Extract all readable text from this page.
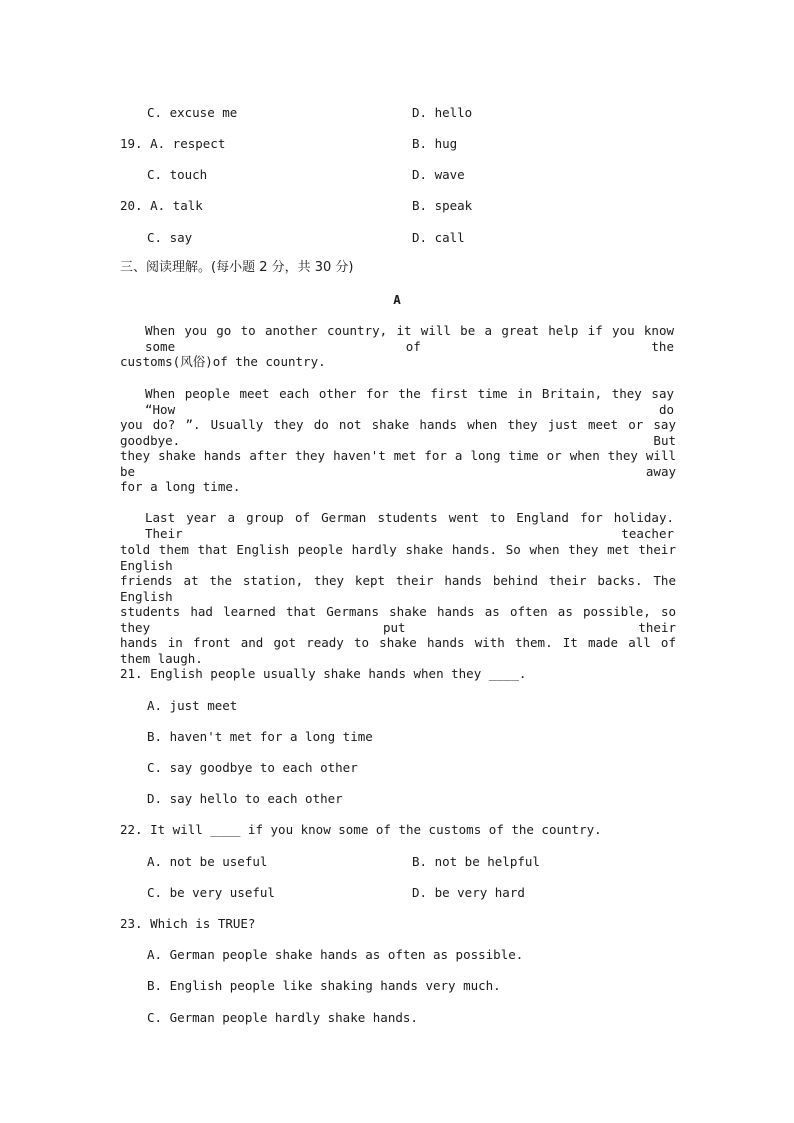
C. excuse me	D. hello
19. A. respect	B. hug
C. touch	D. wave
20. A. talk	B. speak
C. say	D. call
三、阅读理解。(每小题 2 分，共 30 分)
A
When you go to another country, it will be a great help if you know some of the
customs(风俗)of the country.
When people meet each other for the first time in Britain, they say “How do
you do? ”. Usually they do not shake hands when they just meet or say goodbye. But
they shake hands after they haven't met for a long time or when they will be away
for a long time.
Last year a group of German students went to England for holiday. Their teacher
told them that English people hardly shake hands. So when they met their English
friends at the station, they kept their hands behind their backs. The English
students had learned that Germans shake hands as often as possible, so they put their
hands in front and got ready to shake hands with them. It made all of them laugh.
21. English people usually shake hands when they ____.
A. just meet
B. haven't met for a long time
C. say goodbye to each other
D. say hello to each other
22. It will ____ if you know some of the customs of the country.
A. not be useful	B. not be helpful
C. be very useful	D. be very hard
23. Which is TRUE?
A. German people shake hands as often as possible.
B. English people like shaking hands very much.
C. German people hardly shake hands.
